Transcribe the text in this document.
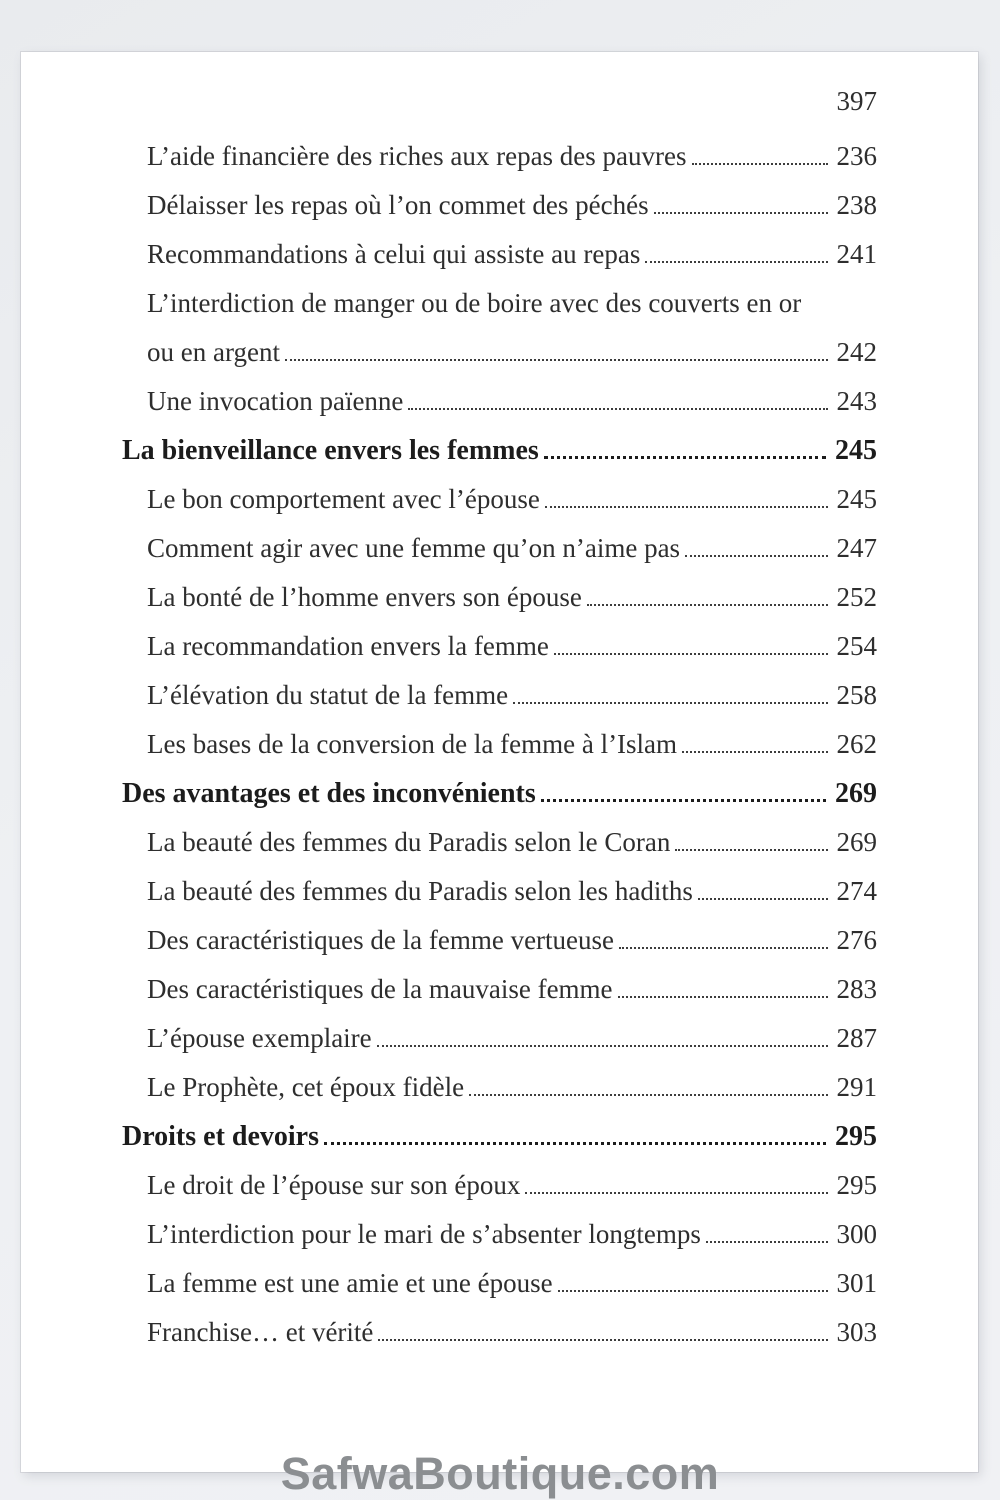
397
L’aide financière des riches aux repas des pauvres	236
Délaisser les repas où l’on commet des péchés	238
Recommandations à celui qui assiste au repas	241
L’interdiction de manger ou de boire avec des couverts en or
ou en argent	242
Une invocation païenne	243
La bienveillance envers les femmes	245
Le bon comportement avec l’épouse	245
Comment agir avec une femme qu’on n’aime pas	247
La bonté de l’homme envers son épouse	252
La recommandation envers la femme	254
L’élévation du statut de la femme	258
Les bases de la conversion de la femme à l’Islam	262
Des avantages et des inconvénients	269
La beauté des femmes du Paradis selon le Coran	269
La beauté des femmes du Paradis selon les hadiths	274
Des caractéristiques de la femme vertueuse	276
Des caractéristiques de la mauvaise femme	283
L’épouse exemplaire	287
Le Prophète, cet époux fidèle	291
Droits et devoirs	295
Le droit de l’épouse sur son époux	295
L’interdiction pour le mari de s’absenter longtemps	300
La femme est une amie et une épouse	301
Franchise… et vérité	303
SafwaBoutique.com
